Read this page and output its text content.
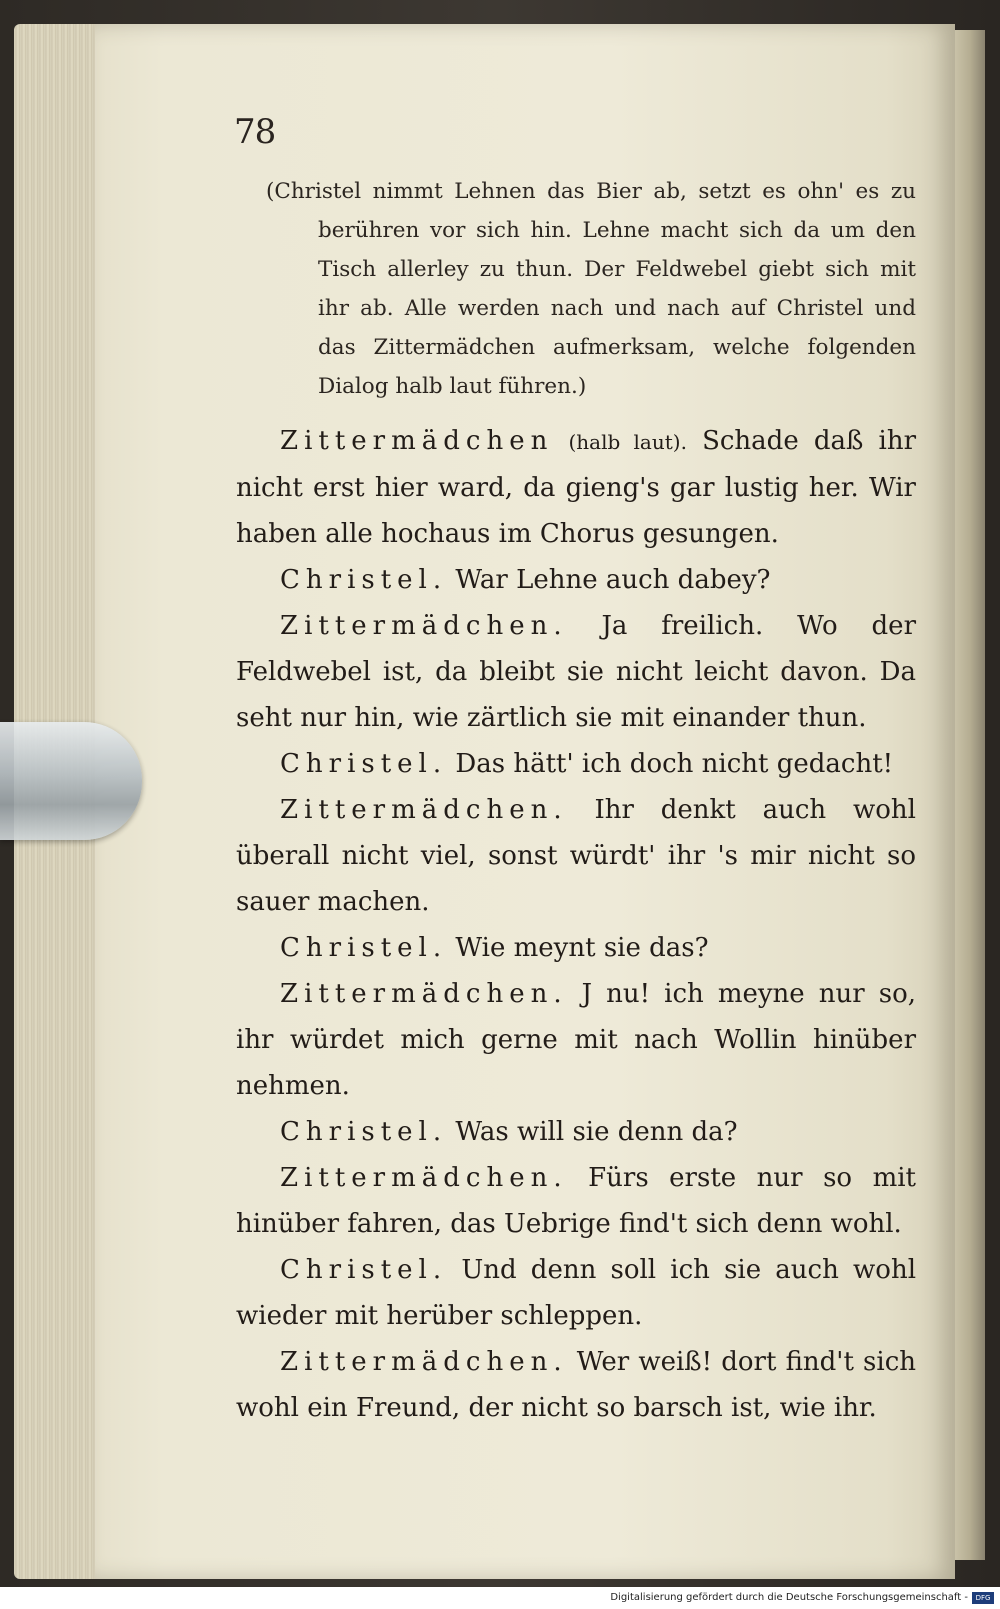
78
(Christel nimmt Lehnen das Bier ab, setzt es ohn' es zu berühren vor sich hin. Lehne macht sich da um den Tisch allerley zu thun. Der Feldwebel giebt sich mit ihr ab. Alle werden nach und nach auf Christel und das Zittermädchen aufmerksam, welche folgenden Dialog halb laut führen.)

Zittermädchen (halb laut). Schade daß ihr nicht erst hier ward, da gieng's gar lustig her. Wir haben alle hochaus im Chorus gesungen.

Christel. War Lehne auch dabey?

Zittermädchen. Ja freilich. Wo der Feldwebel ist, da bleibt sie nicht leicht davon. Da seht nur hin, wie zärtlich sie mit einander thun.

Christel. Das hätt' ich doch nicht gedacht!

Zittermädchen. Ihr denkt auch wohl überall nicht viel, sonst würdt' ihr 's mir nicht so sauer machen.

Christel. Wie meynt sie das?

Zittermädchen. J nu! ich meyne nur so, ihr würdet mich gerne mit nach Wollin hinüber nehmen.

Christel. Was will sie denn da?

Zittermädchen. Fürs erste nur so mit hinüber fahren, das Uebrige find't sich denn wohl.

Christel. Und denn soll ich sie auch wohl wieder mit herüber schleppen.

Zittermädchen. Wer weiß! dort find't sich wohl ein Freund, der nicht so barsch ist, wie ihr.

Digitalisierung gefördert durch die Deutsche Forschungsgemeinschaft -	DFG
